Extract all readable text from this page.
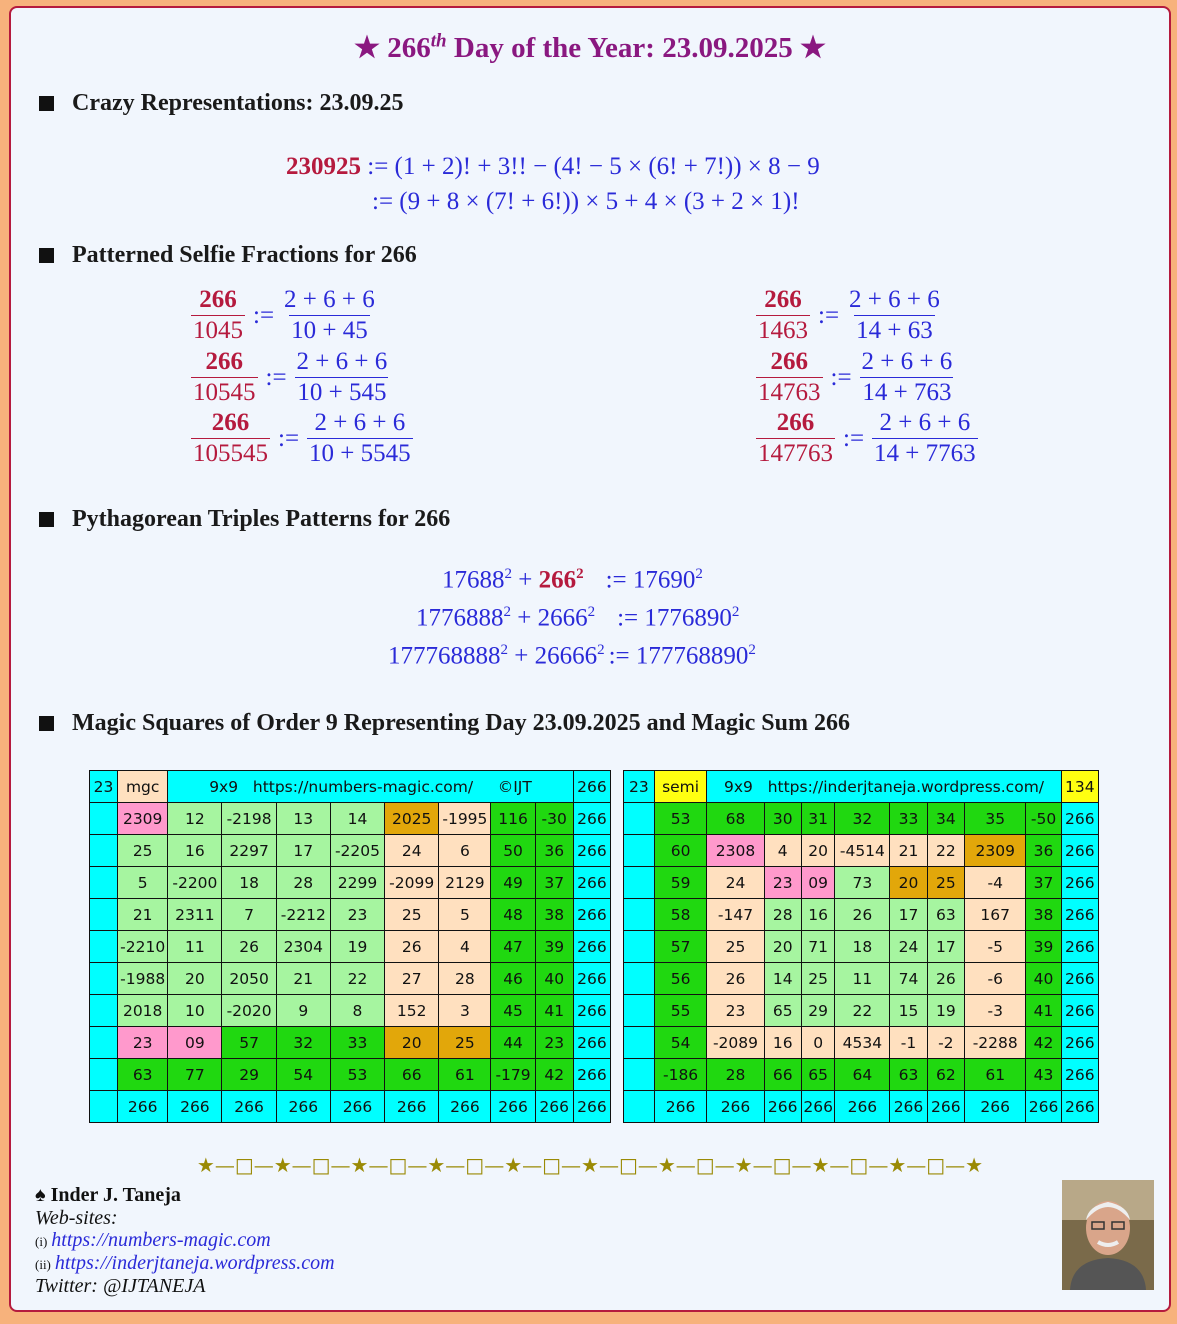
★ 266th Day of the Year: 23.09.2025 ★
Crazy Representations: 23.09.25
230925 := (1 + 2)! + 3!! − (4! − 5 × (6! + 7!)) × 8 − 9
:= (9 + 8 × (7! + 6!)) × 5 + 4 × (3 + 2 × 1)!
Patterned Selfie Fractions for 266
$\frac{266}{1045}$ := $\frac{2 + 6 + 6}{10 + 45}$
$\frac{266}{10545}$ := $\frac{2 + 6 + 6}{10 + 545}$
$\frac{266}{105545}$ := $\frac{2 + 6 + 6}{10 + 5545}$
$\frac{266}{1463}$ := $\frac{2 + 6 + 6}{14 + 63}$
$\frac{266}{14763}$ := $\frac{2 + 6 + 6}{14 + 763}$
$\frac{266}{147763}$ := $\frac{2 + 6 + 6}{14 + 7763}$
Pythagorean Triples Patterns for 266
$17688^2 + 266^2$ := $17690^2$
$1776888^2 + 2666^2$ := $1776890^2$
$177768888^2 + 26666^2$ := $177768890^2$
Magic Squares of Order 9 Representing Day 23.09.2025 and Magic Sum 266
23	mgc	9x9   https://numbers-magic.com/     ©IJT								266
	2309	12	-2198	13	14	2025	-1995	116	-30	266
	25	16	2297	17	-2205	24	6	50	36	266
	5	-2200	18	28	2299	-2099	2129	49	37	266
	21	2311	7	-2212	23	25	5	48	38	266
	-2210	11	26	2304	19	26	4	47	39	266
	-1988	20	2050	21	22	27	28	46	40	266
	2018	10	-2020	9	8	152	3	45	41	266
	23	09	57	32	33	20	25	44	23	266
	63	77	29	54	53	66	61	-179	42	266
	266	266	266	266	266	266	266	266	266	266
23	semi	9x9   https://inderjtaneja.wordpress.com/								134
	53	68	30	31	32	33	34	35	-50	266
	60	2308	4	20	-4514	21	22	2309	36	266
	59	24	23	09	73	20	25	-4	37	266
	58	-147	28	16	26	17	63	167	38	266
	57	25	20	71	18	24	17	-5	39	266
	56	26	14	25	11	74	26	-6	40	266
	55	23	65	29	22	15	19	-3	41	266
	54	-2089	16	0	4534	-1	-2	-2288	42	266
	-186	28	66	65	64	63	62	61	43	266
	266	266	266	266	266	266	266	266	266	266
★—□—★—□—★—□—★—□—★—□—★—□—★—□—★—□—★—□—★—□—★
♠ Inder J. Taneja
Web-sites:
(i) https://numbers-magic.com
(ii) https://inderjtaneja.wordpress.com
Twitter: @IJTANEJA
